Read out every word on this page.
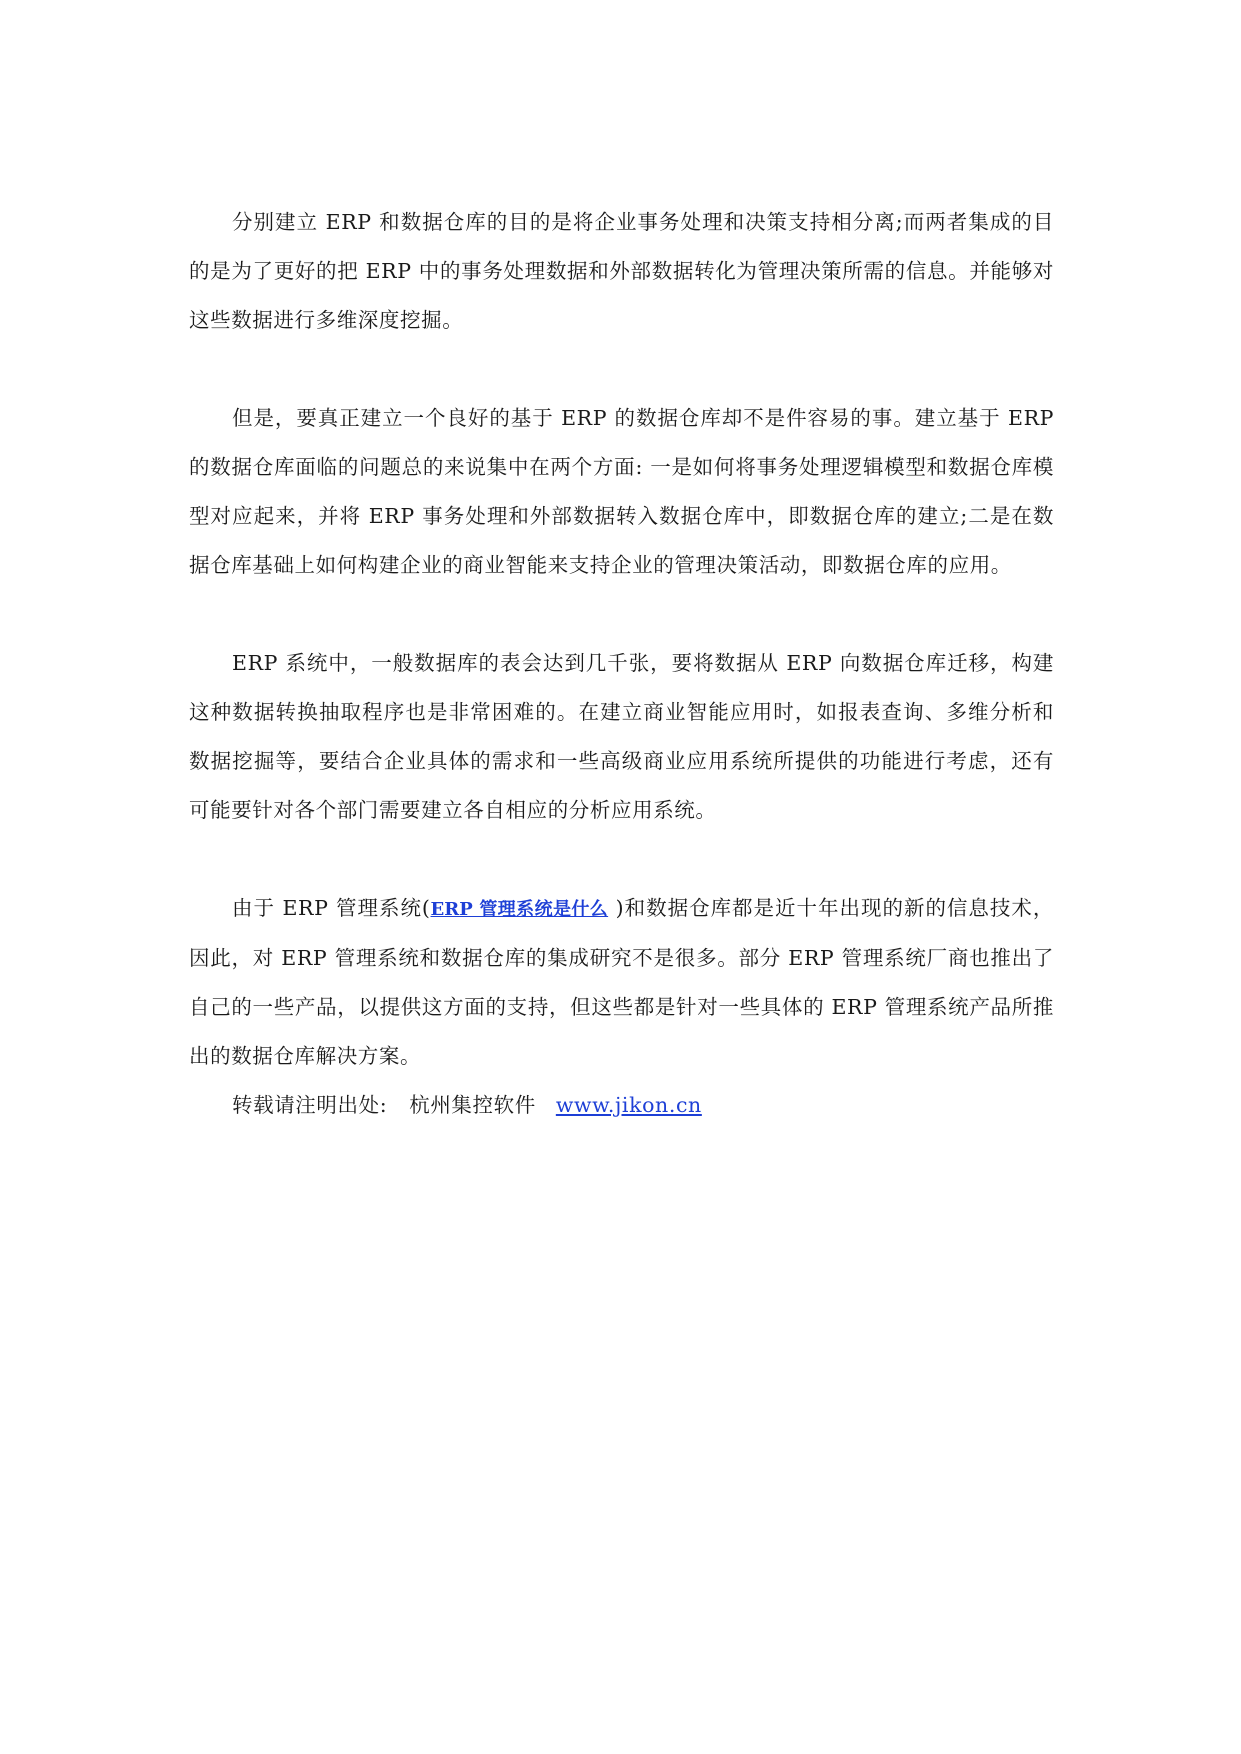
分别建立 ERP 和数据仓库的目的是将企业事务处理和决策支持相分离;而两者集成的目的是为了更好的把 ERP 中的事务处理数据和外部数据转化为管理决策所需的信息。并能够对这些数据进行多维深度挖掘。

但是，要真正建立一个良好的基于 ERP 的数据仓库却不是件容易的事。建立基于 ERP 的数据仓库面临的问题总的来说集中在两个方面: 一是如何将事务处理逻辑模型和数据仓库模型对应起来，并将 ERP 事务处理和外部数据转入数据仓库中，即数据仓库的建立;二是在数据仓库基础上如何构建企业的商业智能来支持企业的管理决策活动，即数据仓库的应用。

ERP 系统中，一般数据库的表会达到几千张，要将数据从 ERP 向数据仓库迁移，构建这种数据转换抽取程序也是非常困难的。在建立商业智能应用时，如报表查询、多维分析和数据挖掘等，要结合企业具体的需求和一些高级商业应用系统所提供的功能进行考虑，还有可能要针对各个部门需要建立各自相应的分析应用系统。

由于 ERP 管理系统(ERP 管理系统是什么 )和数据仓库都是近十年出现的新的信息技术，因此，对 ERP 管理系统和数据仓库的集成研究不是很多。部分 ERP 管理系统厂商也推出了自己的一些产品，以提供这方面的支持，但这些都是针对一些具体的 ERP 管理系统产品所推出的数据仓库解决方案。

转载请注明出处: 杭州集控软件 www.jikon.cn
